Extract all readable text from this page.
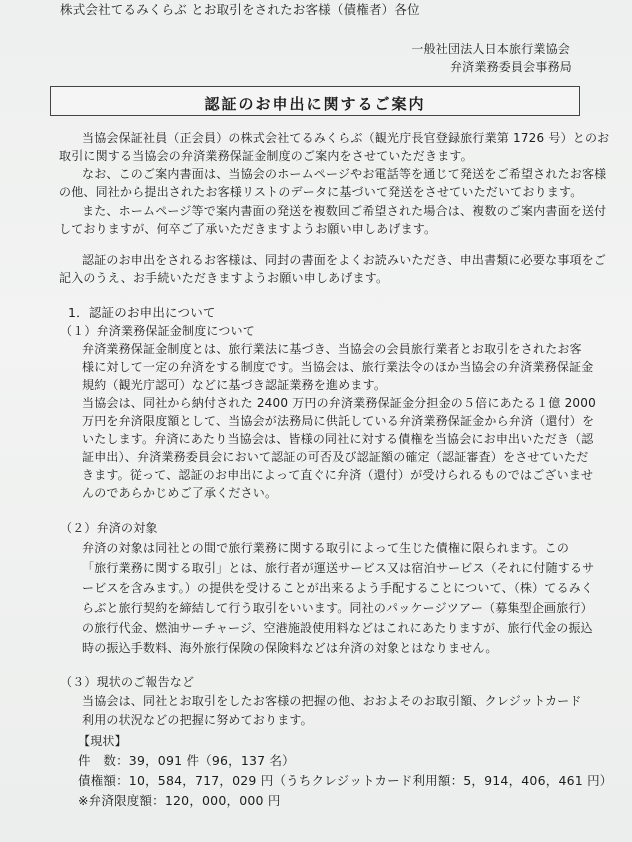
株式会社てるみくらぶ とお取引をされたお客様（債権者）各位
一般社団法人日本旅行業協会
弁済業務委員会事務局
認証のお申出に関するご案内
当協会保証社員（正会員）の株式会社てるみくらぶ（観光庁長官登録旅行業第 1726 号）とのお
取引に関する当協会の弁済業務保証金制度のご案内をさせていただきます。
なお、このご案内書面は、当協会のホームページやお電話等を通じて発送をご希望されたお客様
の他、同社から提出されたお客様リストのデータに基づいて発送をさせていただいております。
また、ホームページ等で案内書面の発送を複数回ご希望された場合は、複数のご案内書面を送付
しておりますが、何卒ご了承いただきますようお願い申しあげます。
認証のお申出をされるお客様は、同封の書面をよくお読みいただき、申出書類に必要な事項をご
記入のうえ、お手続いただきますようお願い申しあげます。
1．認証のお申出について
（１）弁済業務保証金制度について
弁済業務保証金制度とは、旅行業法に基づき、当協会の会員旅行業者とお取引をされたお客
様に対して一定の弁済をする制度です。当協会は、旅行業法令のほか当協会の弁済業務保証金
規約（観光庁認可）などに基づき認証業務を進めます。
当協会は、同社から納付された 2400 万円の弁済業務保証金分担金の５倍にあたる１億 2000
万円を弁済限度額として、当協会が法務局に供託している弁済業務保証金から弁済（還付）を
いたします。弁済にあたり当協会は、皆様の同社に対する債権を当協会にお申出いただき（認
証申出）、弁済業務委員会において認証の可否及び認証額の確定（認証審査）をさせていただ
きます。従って、認証のお申出によって直ぐに弁済（還付）が受けられるものではございませ
んのであらかじめご了承ください。
（２）弁済の対象
弁済の対象は同社との間で旅行業務に関する取引によって生じた債権に限られます。この
「旅行業務に関する取引」とは、旅行者が運送サービス又は宿泊サービス（それに付随するサ
ービスを含みます。）の提供を受けることが出来るよう手配することについて、（株）てるみく
らぶと旅行契約を締結して行う取引をいいます。同社のパッケージツアー（募集型企画旅行）
の旅行代金、燃油サーチャージ、空港施設使用料などはこれにあたりますが、旅行代金の振込
時の振込手数料、海外旅行保険の保険料などは弁済の対象とはなりません。
（３）現状のご報告など
当協会は、同社とお取引をしたお客様の把握の他、おおよそのお取引額、クレジットカード
利用の状況などの把握に努めております。
【現状】
件　数：39，091 件（96，137 名）
債権額：10，584，717，029 円（うちクレジットカード利用額：5，914，406，461 円）
※弁済限度額：120，000，000 円
